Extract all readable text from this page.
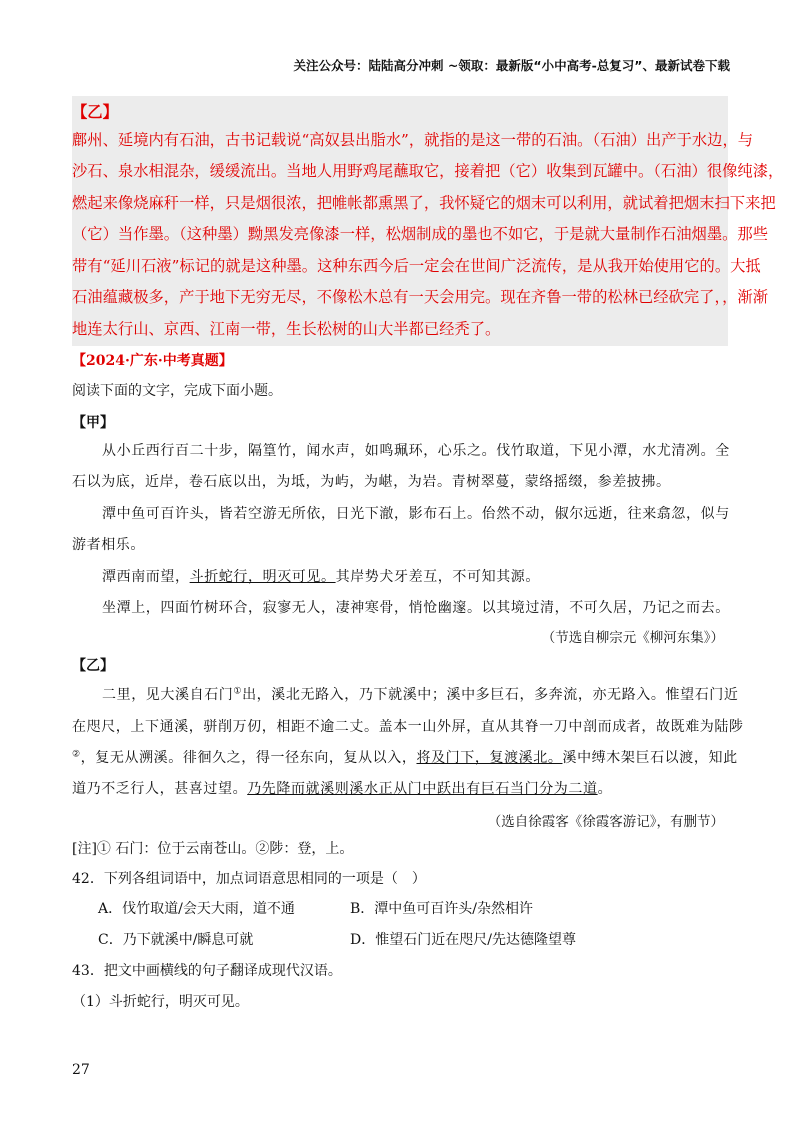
关注公众号：陆陆高分冲刺 ~领取：最新版“小中高考-总复习”、最新试卷下载
【乙】
鄜州、延境内有石油，古书记载说“高奴县出脂水”，就指的是这一带的石油。（石油）出产于水边，与
沙石、泉水相混杂，缓缓流出。当地人用野鸡尾蘸取它，接着把（它）收集到瓦罐中。（石油）很像纯漆，
燃起来像烧麻秆一样，只是烟很浓，把帷帐都熏黑了，我怀疑它的烟末可以利用，就试着把烟末扫下来把
（它）当作墨。（这种墨）黝黑发亮像漆一样，松烟制成的墨也不如它，于是就大量制作石油烟墨。那些
带有“延川石液”标记的就是这种墨。这种东西今后一定会在世间广泛流传，是从我开始使用它的。大抵
石油蕴藏极多，产于地下无穷无尽，不像松木总有一天会用完。现在齐鲁一带的松林已经砍完了，，渐渐
地连太行山、京西、江南一带，生长松树的山大半都已经秃了。
【2024·广东·中考真题】
阅读下面的文字，完成下面小题。
【甲】
从小丘西行百二十步，隔篁竹，闻水声，如鸣珮环，心乐之。伐竹取道，下见小潭，水尤清冽。全
石以为底，近岸，卷石底以出，为坻，为屿，为嵁，为岩。青树翠蔓，蒙络摇缀，参差披拂。
潭中鱼可百许头，皆若空游无所依，日光下澈，影布石上。佁然不动，俶尔远逝，往来翕忽，似与
游者相乐。
潭西南而望，斗折蛇行，明灭可见。其岸势犬牙差互，不可知其源。
坐潭上，四面竹树环合，寂寥无人，凄神寒骨，悄怆幽邃。以其境过清，不可久居，乃记之而去。
（节选自柳宗元《柳河东集》）
【乙】
二里，见大溪自石门①出，溪北无路入，乃下就溪中；溪中多巨石，多奔流，亦无路入。惟望石门近
在咫尺，上下通溪，骈削万仞，相距不逾二丈。盖本一山外屏，直从其脊一刀中剖而成者，故既难为陆陟
②，复无从溯溪。徘徊久之，得一径东向，复从以入，将及门下，复渡溪北。溪中缚木架巨石以渡，知此
道乃不乏行人，甚喜过望。乃先降而就溪则溪水正从门中跃出有巨石当门分为二道。
（选自徐霞客《徐霞客游记》，有删节）
[注]① 石门：位于云南苍山。②陟：登，上。
42．下列各组词语中，加点词语意思相同的一项是（　）
A．伐竹取道/会天大雨，道不通	B．潭中鱼可百许头/杂然相许
C．乃下就溪中/瞬息可就	D．惟望石门近在咫尺/先达德隆望尊
43．把文中画横线的句子翻译成现代汉语。
（1）斗折蛇行，明灭可见。
27
